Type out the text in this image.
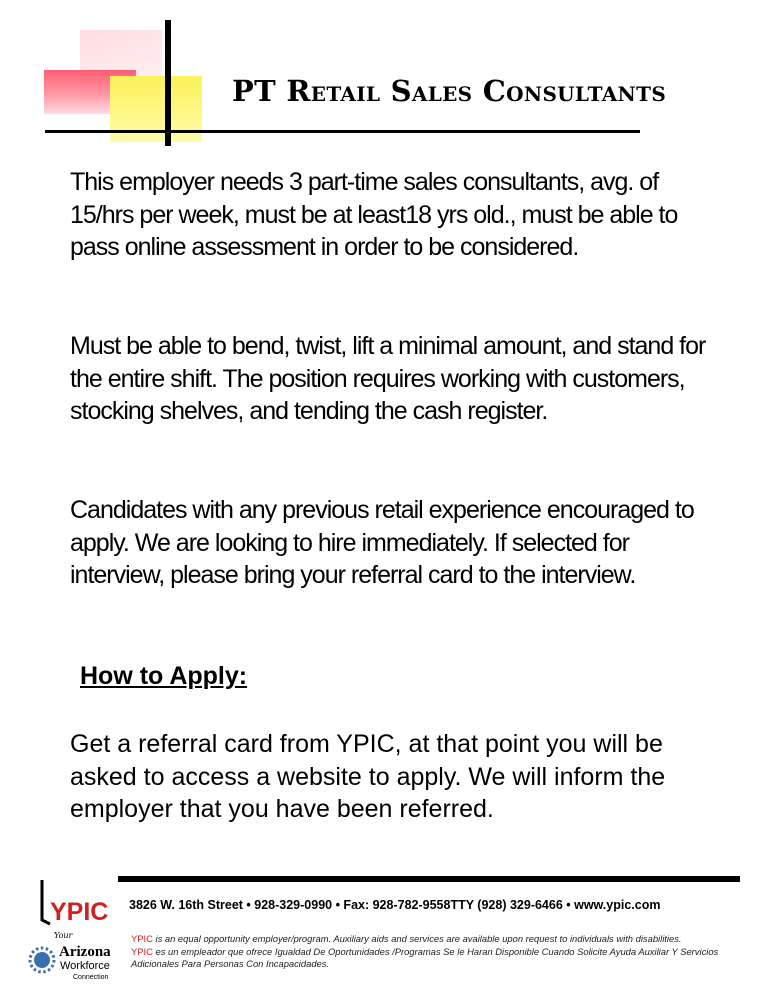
PT Retail Sales Consultants
This employer needs 3 part-time sales consultants, avg. of 15/hrs per week, must be at least18 yrs old., must be able to pass online assessment in order to be considered.
Must be able to bend, twist, lift a minimal amount, and stand for the entire shift. The position requires working with customers, stocking shelves, and tending the cash register.
Candidates with any previous retail experience encouraged to apply. We are looking to hire immediately. If selected for interview, please bring your referral card to the interview.
How to Apply:
Get a referral card from YPIC, at that point you will be asked to access a website to apply. We will inform the employer that you have been referred.
YPIC
Your
Arizona
Workforce
Connection
3826 W. 16th Street • 928-329-0990 • Fax: 928-782-9558TTY (928) 329-6466 • www.ypic.com
YPIC is an equal opportunity employer/program. Auxiliary aids and services are available upon request to individuals with disabilities.
YPIC es un empleador que ofrece Igualdad De Oportunidades /Programas Se le Haran Disponible Cuando Solicite Ayuda Auxiliar Y Servicios Adicionales Para Personas Con Incapacidades.
